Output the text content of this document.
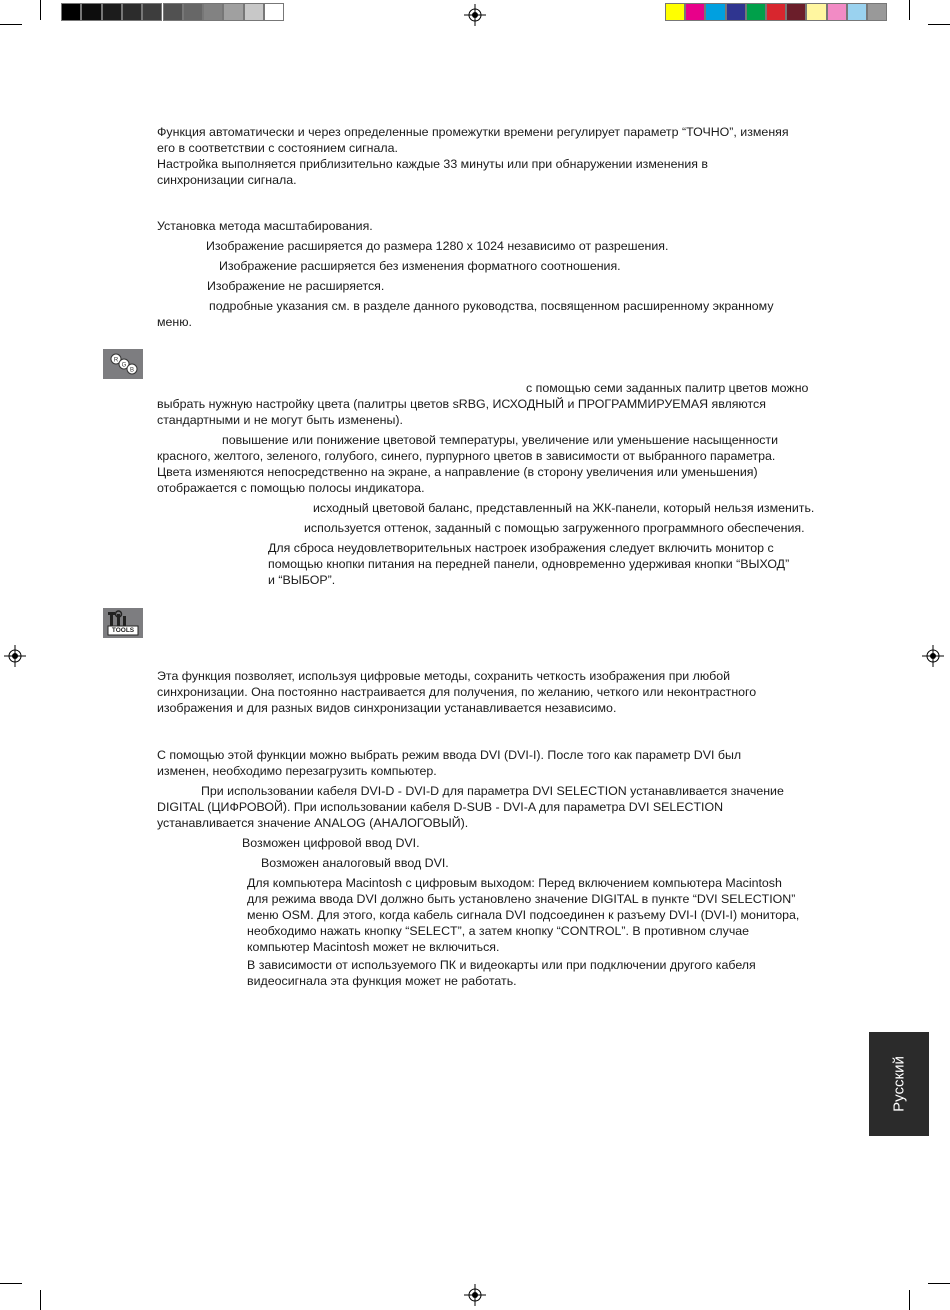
R
G
B
TOOLS
Функция автоматически и через определенные промежутки времени регулирует параметр “ТОЧНО”, изменяя
его в соответствии с состоянием сигнала.
Настройка выполняется приблизительно каждые 33 минуты или при обнаружении изменения в
синхронизации сигнала.
Установка метода масштабирования.
Изображение расширяется до размера 1280 x 1024 независимо от разрешения.
Изображение расширяется без изменения форматного соотношения.
Изображение не расширяется.
подробные указания см. в разделе данного руководства, посвященном расширенному экранному
меню.
с помощью семи заданных палитр цветов можно
выбрать нужную настройку цвета (палитры цветов sRBG, ИСХОДНЫЙ и ПРОГРАММИРУЕМАЯ являются
стандартными и не могут быть изменены).
повышение или понижение цветовой температуры, увеличение или уменьшение насыщенности
красного, желтого, зеленого, голубого, синего, пурпурного цветов в зависимости от выбранного параметра.
Цвета изменяются непосредственно на экране, а направление (в сторону увеличения или уменьшения)
отображается с помощью полосы индикатора.
исходный цветовой баланс, представленный на ЖК-панели, который нельзя изменить.
используется оттенок, заданный с помощью загруженного программного обеспечения.
Для сброса неудовлетворительных настроек изображения следует включить монитор с
помощью кнопки питания на передней панели, одновременно удерживая кнопки “ВЫХОД”
и “ВЫБОР”.
Эта функция позволяет, используя цифровые методы, сохранить четкость изображения при любой
синхронизации. Она постоянно настраивается для получения, по желанию, четкого или неконтрастного
изображения и для разных видов синхронизации устанавливается независимо.
С помощью этой функции можно выбрать режим ввода DVI (DVI-I). После того как параметр DVI был
изменен, необходимо перезагрузить компьютер.
При использовании кабеля DVI-D - DVI-D для параметра DVI SELECTION устанавливается значение
DIGITAL (ЦИФРОВОЙ). При использовании кабеля D-SUB - DVI-A для параметра DVI SELECTION
устанавливается значение ANALOG (АНАЛОГОВЫЙ).
Возможен цифровой ввод DVI.
Возможен аналоговый ввод DVI.
Для компьютера Macintosh с цифровым выходом: Перед включением компьютера Macintosh
для режима ввода DVI должно быть установлено значение DIGITAL в пункте “DVI SELECTION”
меню OSM. Для этого, когда кабель сигнала DVI подсоединен к разъему DVI-I (DVI-I) монитора,
необходимо нажать кнопку “SELECT”, а затем кнопку “CONTROL”. В противном случае
компьютер Macintosh может не включиться.
В зависимости от используемого ПК и видеокарты или при подключении другого кабеля
видеосигнала эта функция может не работать.
Русский
